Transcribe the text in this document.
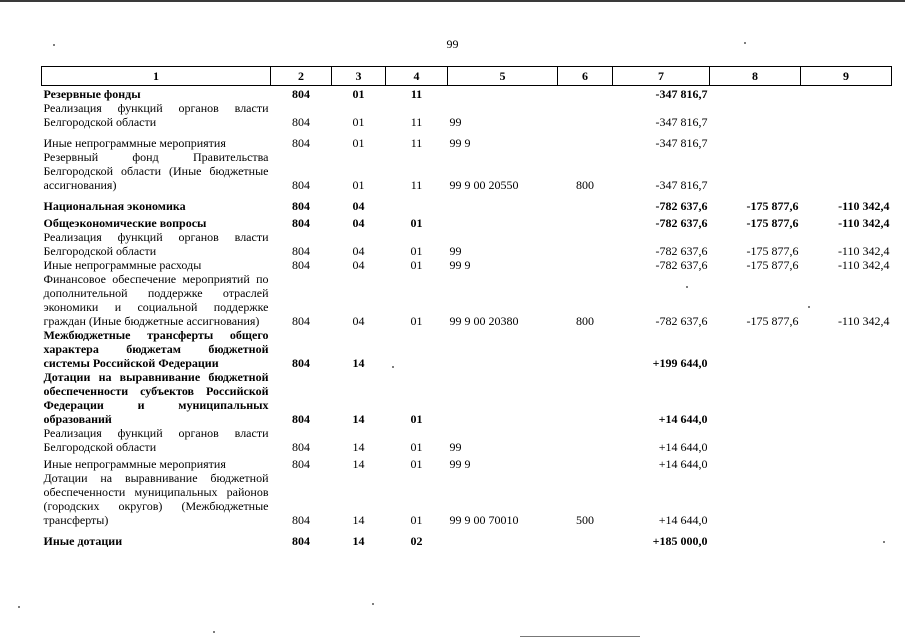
99
1	2	3	4	5	6	7	8	9
Резервные фонды	804	01	11			-347 816,7		
Реализация функций органов власти Белгородской области	804	01	11	99		-347 816,7		
Иные непрограммные мероприятия	804	01	11	99 9		-347 816,7		
Резервный фонд Правительства Белгородской области (Иные бюджетные ассигнования)	804	01	11	99 9 00 20550	800	-347 816,7		
Национальная экономика	804	04				-782 637,6	-175 877,6	-110 342,4
Общеэкономические вопросы	804	04	01			-782 637,6	-175 877,6	-110 342,4
Реализация функций органов власти Белгородской области	804	04	01	99		-782 637,6	-175 877,6	-110 342,4
Иные непрограммные расходы	804	04	01	99 9		-782 637,6	-175 877,6	-110 342,4
Финансовое обеспечение мероприятий по дополнительной поддержке отраслей экономики и социальной поддержке граждан (Иные бюджетные ассигнования)	804	04	01	99 9 00 20380	800	-782 637,6	-175 877,6	-110 342,4
Межбюджетные трансферты общего характера бюджетам бюджетной системы Российской Федерации	804	14				+199 644,0		
Дотации на выравнивание бюджетной обеспеченности субъектов Российской Федерации и муниципальных образований	804	14	01			+14 644,0		
Реализация функций органов власти Белгородской области	804	14	01	99		+14 644,0		
Иные непрограммные мероприятия	804	14	01	99 9		+14 644,0		
Дотации на выравнивание бюджетной обеспеченности муниципальных районов (городских округов) (Межбюджетные трансферты)	804	14	01	99 9 00 70010	500	+14 644,0		
Иные дотации	804	14	02			+185 000,0		
